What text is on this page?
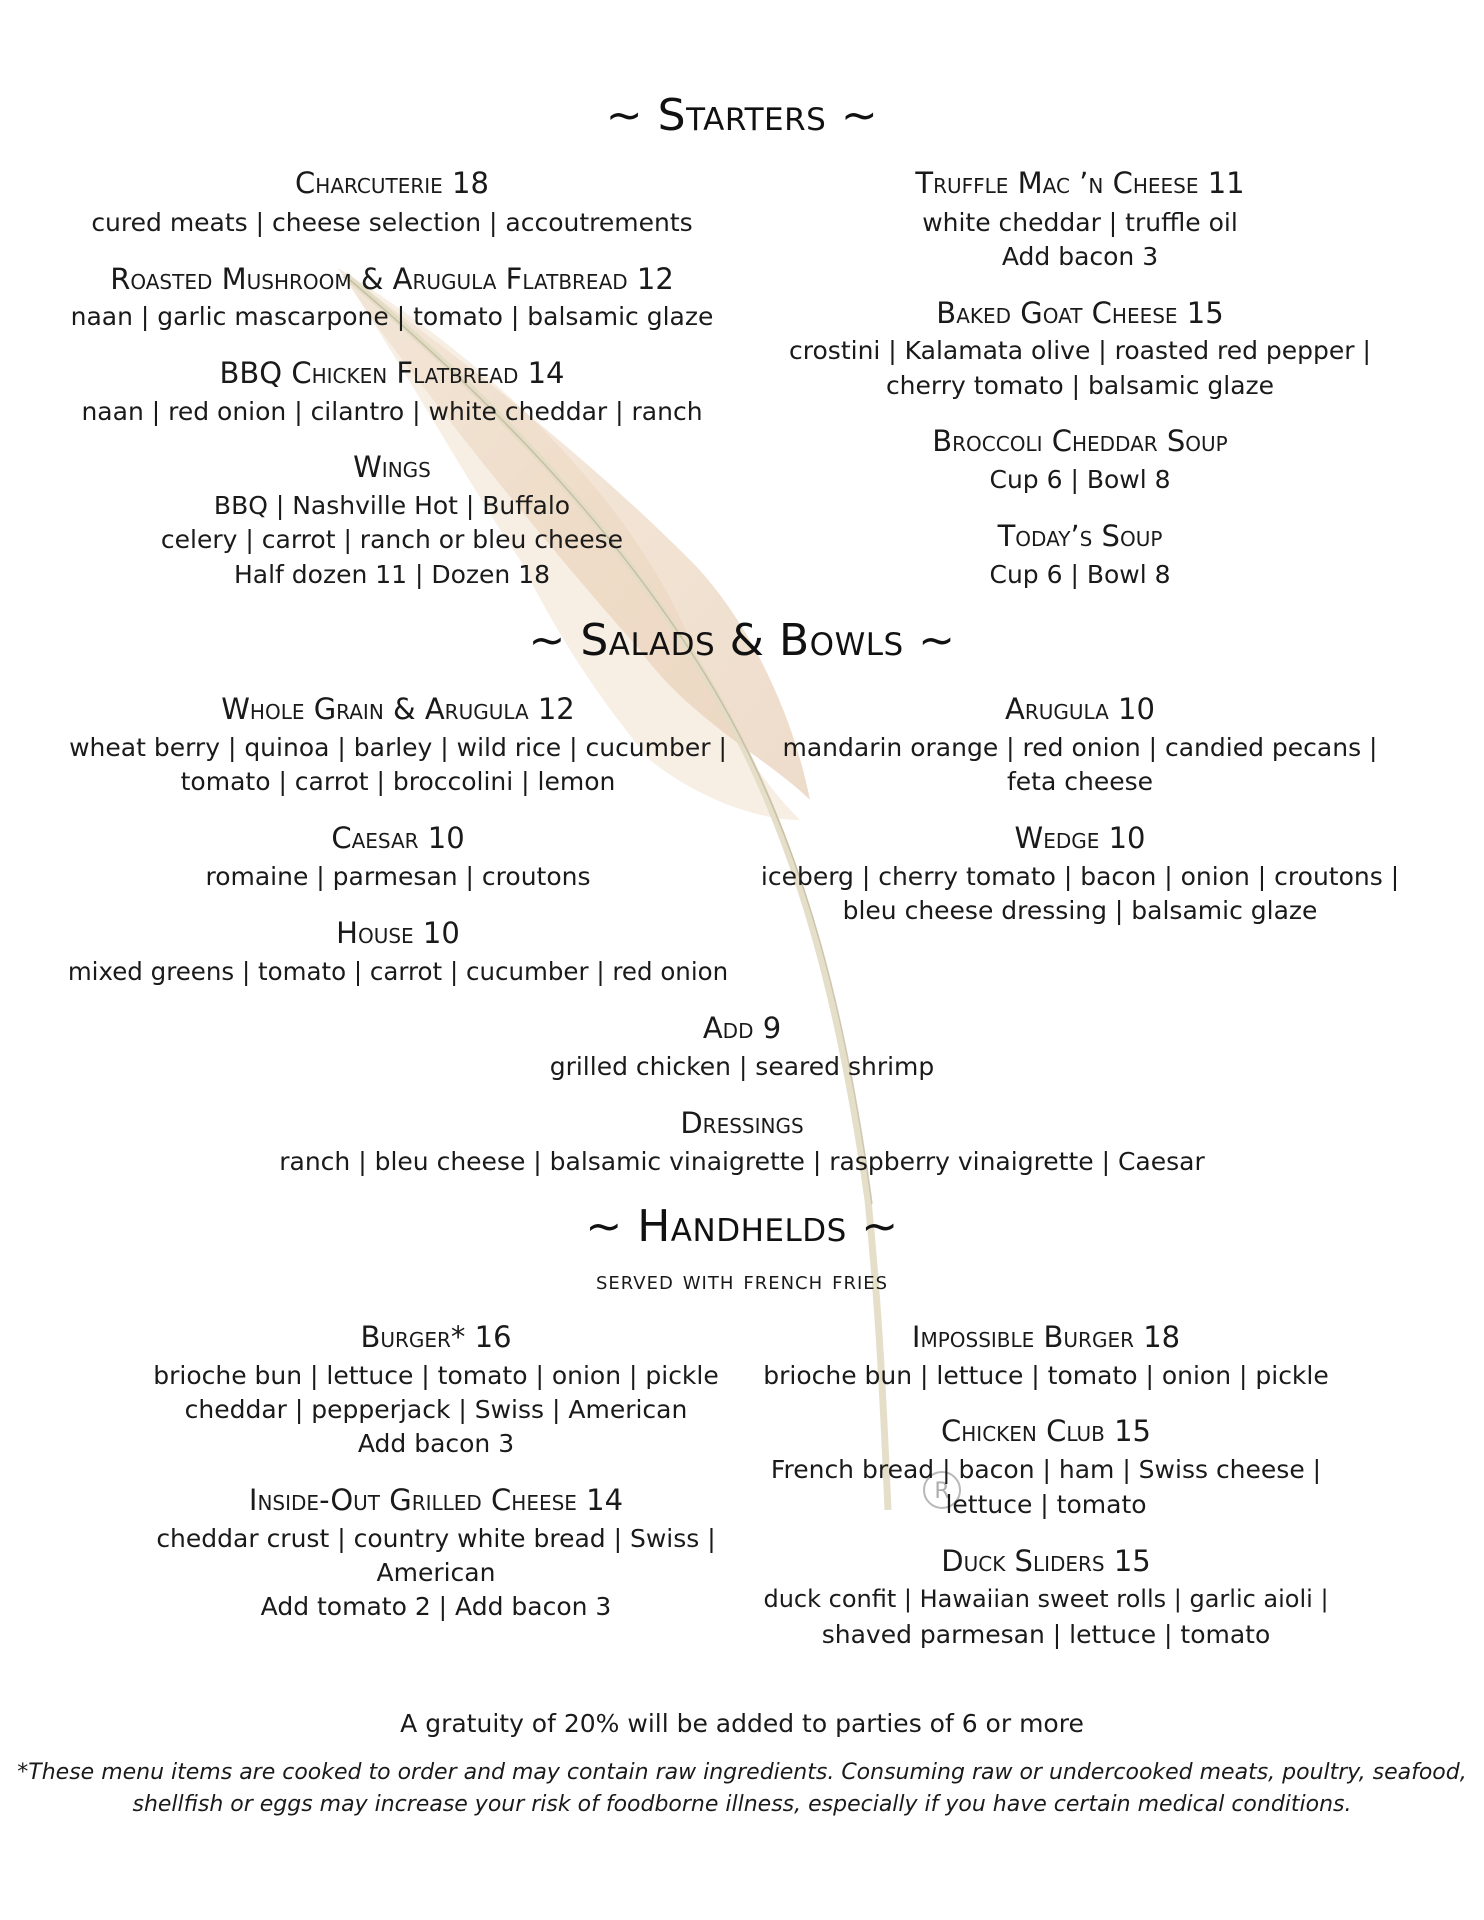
R
~ Starters ~
Charcuterie 18
cured meats | cheese selection | accoutrements
Roasted Mushroom & Arugula Flatbread 12
naan | garlic mascarpone | tomato | balsamic glaze
BBQ Chicken Flatbread 14
naan | red onion | cilantro | white cheddar | ranch
Wings
BBQ | Nashville Hot | Buffalo
celery | carrot | ranch or bleu cheese
Half dozen 11 | Dozen 18
Truffle Mac ’n Cheese 11
white cheddar | truffle oil
Add bacon 3
Baked Goat Cheese 15
crostini | Kalamata olive | roasted red pepper |
cherry tomato | balsamic glaze
Broccoli Cheddar Soup
Cup 6 | Bowl 8
Today’s Soup
Cup 6 | Bowl 8
~ Salads & Bowls ~
Whole Grain & Arugula 12
wheat berry | quinoa | barley | wild rice | cucumber |
tomato | carrot | broccolini | lemon
Caesar 10
romaine | parmesan | croutons
House 10
mixed greens | tomato | carrot | cucumber | red onion
Arugula 10
mandarin orange | red onion | candied pecans |
feta cheese
Wedge 10
iceberg | cherry tomato | bacon | onion | croutons |
bleu cheese dressing | balsamic glaze
Add 9
grilled chicken | seared shrimp
Dressings
ranch | bleu cheese | balsamic vinaigrette | raspberry vinaigrette | Caesar
~ Handhelds ~
served with french fries
Burger* 16
brioche bun | lettuce | tomato | onion | pickle
cheddar | pepperjack | Swiss | American
Add bacon 3
Inside-Out Grilled Cheese 14
cheddar crust | country white bread | Swiss |
American
Add tomato 2 | Add bacon 3
Impossible Burger 18
brioche bun | lettuce | tomato | onion | pickle
Chicken Club 15
French bread | bacon | ham | Swiss cheese |
lettuce | tomato
Duck Sliders 15
duck confit | Hawaiian sweet rolls | garlic aioli |
shaved parmesan | lettuce | tomato
A gratuity of 20% will be added to parties of 6 or more
*These menu items are cooked to order and may contain raw ingredients. Consuming raw or undercooked meats, poultry, seafood,
shellfish or eggs may increase your risk of foodborne illness, especially if you have certain medical conditions.
